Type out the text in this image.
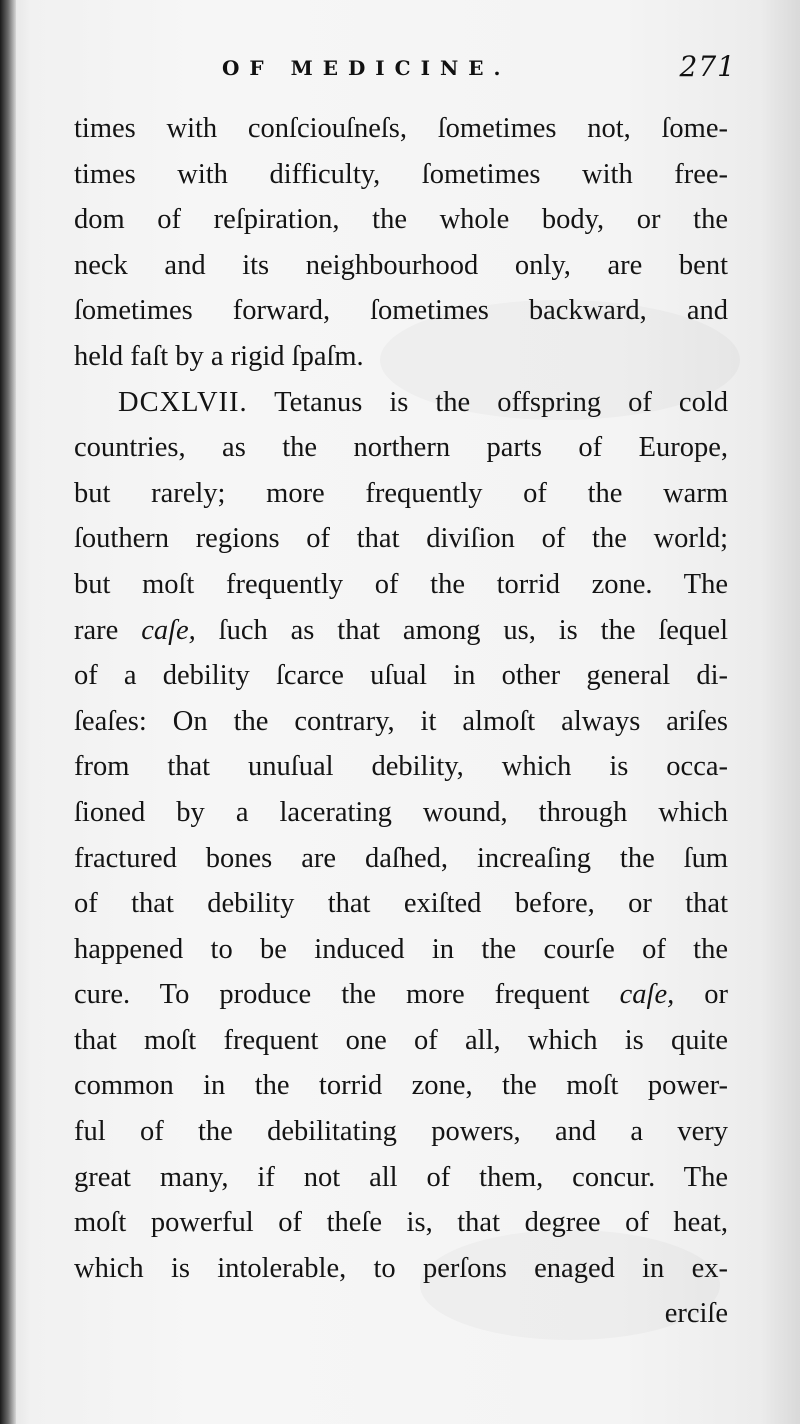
OF MEDICINE.	271
times with conſciouſneſs, ſometimes not, ſome-
times with difficulty, ſometimes with free-
dom of reſpiration, the whole body, or the
neck and its neighbourhood only, are bent
ſometimes forward, ſometimes backward, and
held faſt by a rigid ſpaſm.
DCXLVII. Tetanus is the offspring of cold
countries, as the northern parts of Europe,
but rarely; more frequently of the warm
ſouthern regions of that diviſion of the world;
but moſt frequently of the torrid zone. The
rare caſe, ſuch as that among us, is the ſequel
of a debility ſcarce uſual in other general di-
ſeaſes: On the contrary, it almoſt always ariſes
from that unuſual debility, which is occa-
ſioned by a lacerating wound, through which
fractured bones are daſhed, increaſing the ſum
of that debility that exiſted before, or that
happened to be induced in the courſe of the
cure. To produce the more frequent caſe, or
that moſt frequent one of all, which is quite
common in the torrid zone, the moſt power-
ful of the debilitating powers, and a very
great many, if not all of them, concur. The
moſt powerful of theſe is, that degree of heat,
which is intolerable, to perſons enaged in ex-
erciſe
